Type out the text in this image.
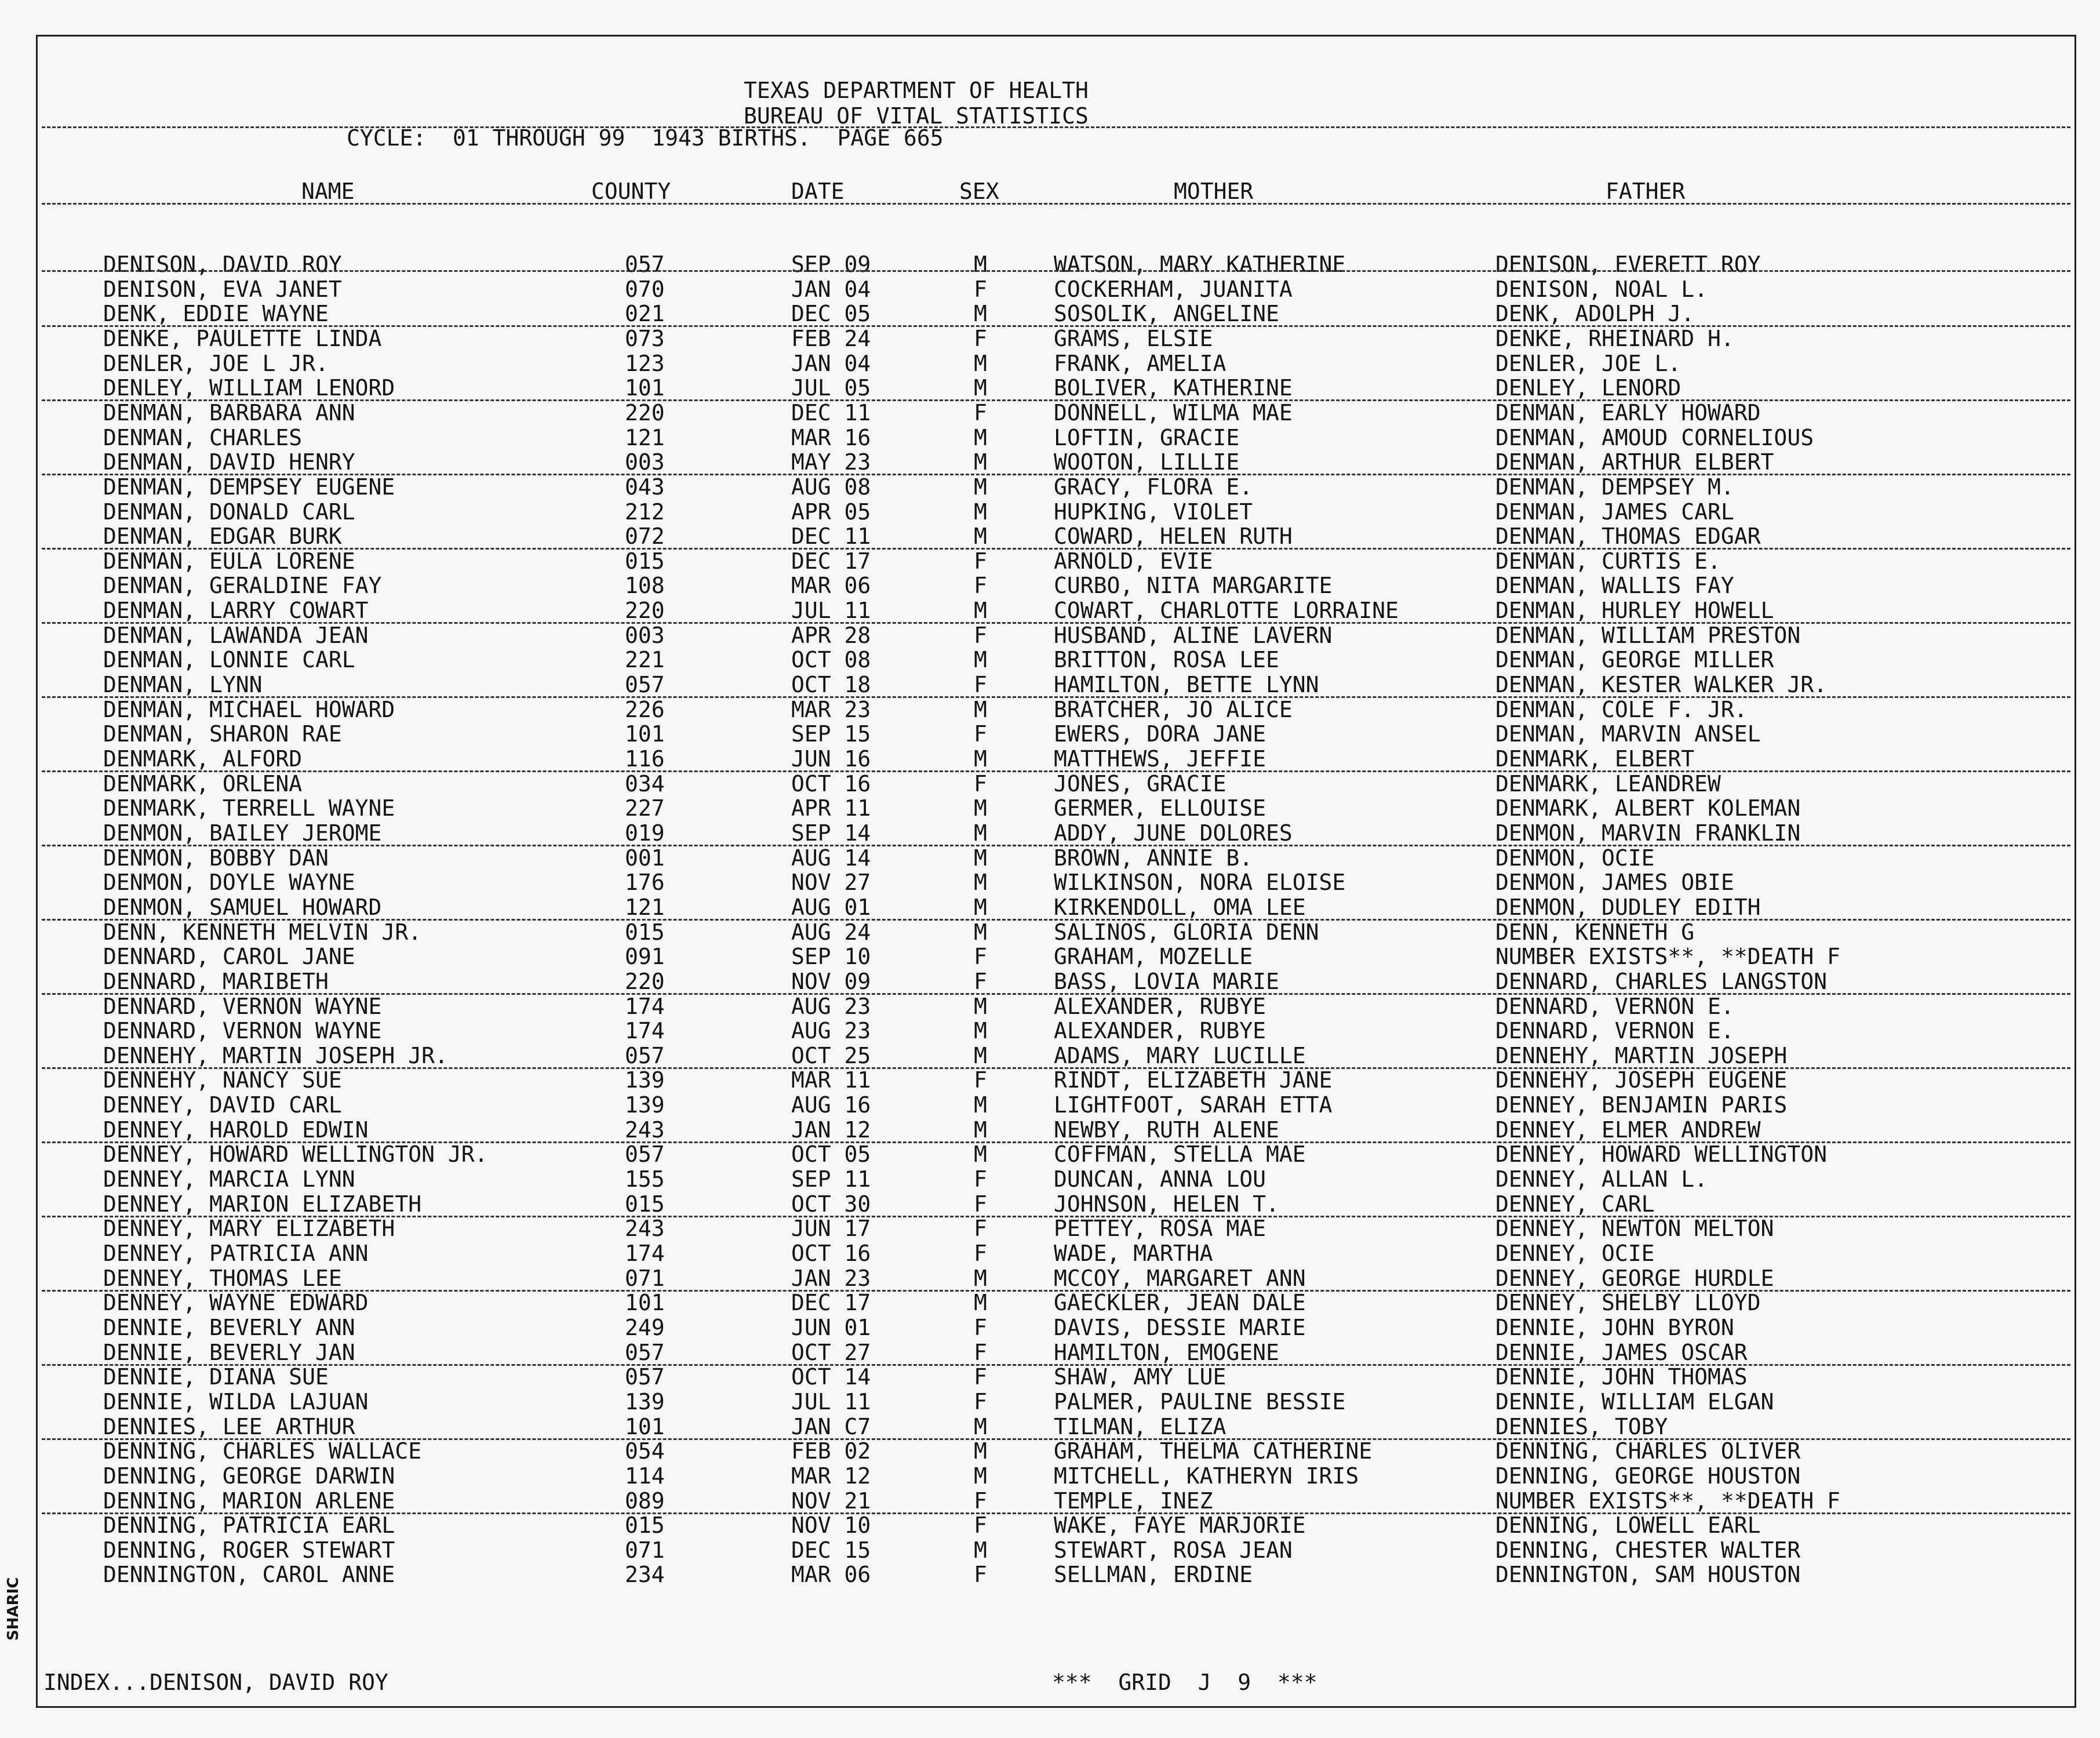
TEXAS DEPARTMENT OF HEALTH
BUREAU OF VITAL STATISTICS
CYCLE:  01 THROUGH 99  1943 BIRTHS.  PAGE 665
NAME	COUNTY	DATE	SEX	MOTHER	FATHER
DENISON, DAVID ROY	057	SEP 09	M	WATSON, MARY KATHERINE	DENISON, EVERETT ROY
DENISON, EVA JANET	070	JAN 04	F	COCKERHAM, JUANITA	DENISON, NOAL L.
DENK, EDDIE WAYNE	021	DEC 05	M	SOSOLIK, ANGELINE	DENK, ADOLPH J.
DENKE, PAULETTE LINDA	073	FEB 24	F	GRAMS, ELSIE	DENKE, RHEINARD H.
DENLER, JOE L JR.	123	JAN 04	M	FRANK, AMELIA	DENLER, JOE L.
DENLEY, WILLIAM LENORD	101	JUL 05	M	BOLIVER, KATHERINE	DENLEY, LENORD
DENMAN, BARBARA ANN	220	DEC 11	F	DONNELL, WILMA MAE	DENMAN, EARLY HOWARD
DENMAN, CHARLES	121	MAR 16	M	LOFTIN, GRACIE	DENMAN, AMOUD CORNELIOUS
DENMAN, DAVID HENRY	003	MAY 23	M	WOOTON, LILLIE	DENMAN, ARTHUR ELBERT
DENMAN, DEMPSEY EUGENE	043	AUG 08	M	GRACY, FLORA E.	DENMAN, DEMPSEY M.
DENMAN, DONALD CARL	212	APR 05	M	HUPKING, VIOLET	DENMAN, JAMES CARL
DENMAN, EDGAR BURK	072	DEC 11	M	COWARD, HELEN RUTH	DENMAN, THOMAS EDGAR
DENMAN, EULA LORENE	015	DEC 17	F	ARNOLD, EVIE	DENMAN, CURTIS E.
DENMAN, GERALDINE FAY	108	MAR 06	F	CURBO, NITA MARGARITE	DENMAN, WALLIS FAY
DENMAN, LARRY COWART	220	JUL 11	M	COWART, CHARLOTTE LORRAINE	DENMAN, HURLEY HOWELL
DENMAN, LAWANDA JEAN	003	APR 28	F	HUSBAND, ALINE LAVERN	DENMAN, WILLIAM PRESTON
DENMAN, LONNIE CARL	221	OCT 08	M	BRITTON, ROSA LEE	DENMAN, GEORGE MILLER
DENMAN, LYNN	057	OCT 18	F	HAMILTON, BETTE LYNN	DENMAN, KESTER WALKER JR.
DENMAN, MICHAEL HOWARD	226	MAR 23	M	BRATCHER, JO ALICE	DENMAN, COLE F. JR.
DENMAN, SHARON RAE	101	SEP 15	F	EWERS, DORA JANE	DENMAN, MARVIN ANSEL
DENMARK, ALFORD	116	JUN 16	M	MATTHEWS, JEFFIE	DENMARK, ELBERT
DENMARK, ORLENA	034	OCT 16	F	JONES, GRACIE	DENMARK, LEANDREW
DENMARK, TERRELL WAYNE	227	APR 11	M	GERMER, ELLOUISE	DENMARK, ALBERT KOLEMAN
DENMON, BAILEY JEROME	019	SEP 14	M	ADDY, JUNE DOLORES	DENMON, MARVIN FRANKLIN
DENMON, BOBBY DAN	001	AUG 14	M	BROWN, ANNIE B.	DENMON, OCIE
DENMON, DOYLE WAYNE	176	NOV 27	M	WILKINSON, NORA ELOISE	DENMON, JAMES OBIE
DENMON, SAMUEL HOWARD	121	AUG 01	M	KIRKENDOLL, OMA LEE	DENMON, DUDLEY EDITH
DENN, KENNETH MELVIN JR.	015	AUG 24	M	SALINOS, GLORIA DENN	DENN, KENNETH G
DENNARD, CAROL JANE	091	SEP 10	F	GRAHAM, MOZELLE	NUMBER EXISTS**, **DEATH F
DENNARD, MARIBETH	220	NOV 09	F	BASS, LOVIA MARIE	DENNARD, CHARLES LANGSTON
DENNARD, VERNON WAYNE	174	AUG 23	M	ALEXANDER, RUBYE	DENNARD, VERNON E.
DENNARD, VERNON WAYNE	174	AUG 23	M	ALEXANDER, RUBYE	DENNARD, VERNON E.
DENNEHY, MARTIN JOSEPH JR.	057	OCT 25	M	ADAMS, MARY LUCILLE	DENNEHY, MARTIN JOSEPH
DENNEHY, NANCY SUE	139	MAR 11	F	RINDT, ELIZABETH JANE	DENNEHY, JOSEPH EUGENE
DENNEY, DAVID CARL	139	AUG 16	M	LIGHTFOOT, SARAH ETTA	DENNEY, BENJAMIN PARIS
DENNEY, HAROLD EDWIN	243	JAN 12	M	NEWBY, RUTH ALENE	DENNEY, ELMER ANDREW
DENNEY, HOWARD WELLINGTON JR.	057	OCT 05	M	COFFMAN, STELLA MAE	DENNEY, HOWARD WELLINGTON
DENNEY, MARCIA LYNN	155	SEP 11	F	DUNCAN, ANNA LOU	DENNEY, ALLAN L.
DENNEY, MARION ELIZABETH	015	OCT 30	F	JOHNSON, HELEN T.	DENNEY, CARL
DENNEY, MARY ELIZABETH	243	JUN 17	F	PETTEY, ROSA MAE	DENNEY, NEWTON MELTON
DENNEY, PATRICIA ANN	174	OCT 16	F	WADE, MARTHA	DENNEY, OCIE
DENNEY, THOMAS LEE	071	JAN 23	M	MCCOY, MARGARET ANN	DENNEY, GEORGE HURDLE
DENNEY, WAYNE EDWARD	101	DEC 17	M	GAECKLER, JEAN DALE	DENNEY, SHELBY LLOYD
DENNIE, BEVERLY ANN	249	JUN 01	F	DAVIS, DESSIE MARIE	DENNIE, JOHN BYRON
DENNIE, BEVERLY JAN	057	OCT 27	F	HAMILTON, EMOGENE	DENNIE, JAMES OSCAR
DENNIE, DIANA SUE	057	OCT 14	F	SHAW, AMY LUE	DENNIE, JOHN THOMAS
DENNIE, WILDA LAJUAN	139	JUL 11	F	PALMER, PAULINE BESSIE	DENNIE, WILLIAM ELGAN
DENNIES, LEE ARTHUR	101	JAN C7	M	TILMAN, ELIZA	DENNIES, TOBY
DENNING, CHARLES WALLACE	054	FEB 02	M	GRAHAM, THELMA CATHERINE	DENNING, CHARLES OLIVER
DENNING, GEORGE DARWIN	114	MAR 12	M	MITCHELL, KATHERYN IRIS	DENNING, GEORGE HOUSTON
DENNING, MARION ARLENE	089	NOV 21	F	TEMPLE, INEZ	NUMBER EXISTS**, **DEATH F
DENNING, PATRICIA EARL	015	NOV 10	F	WAKE, FAYE MARJORIE	DENNING, LOWELL EARL
DENNING, ROGER STEWART	071	DEC 15	M	STEWART, ROSA JEAN	DENNING, CHESTER WALTER
DENNINGTON, CAROL ANNE	234	MAR 06	F	SELLMAN, ERDINE	DENNINGTON, SAM HOUSTON
INDEX...DENISON, DAVID ROY	***  GRID  J  9  ***
SHARIC
